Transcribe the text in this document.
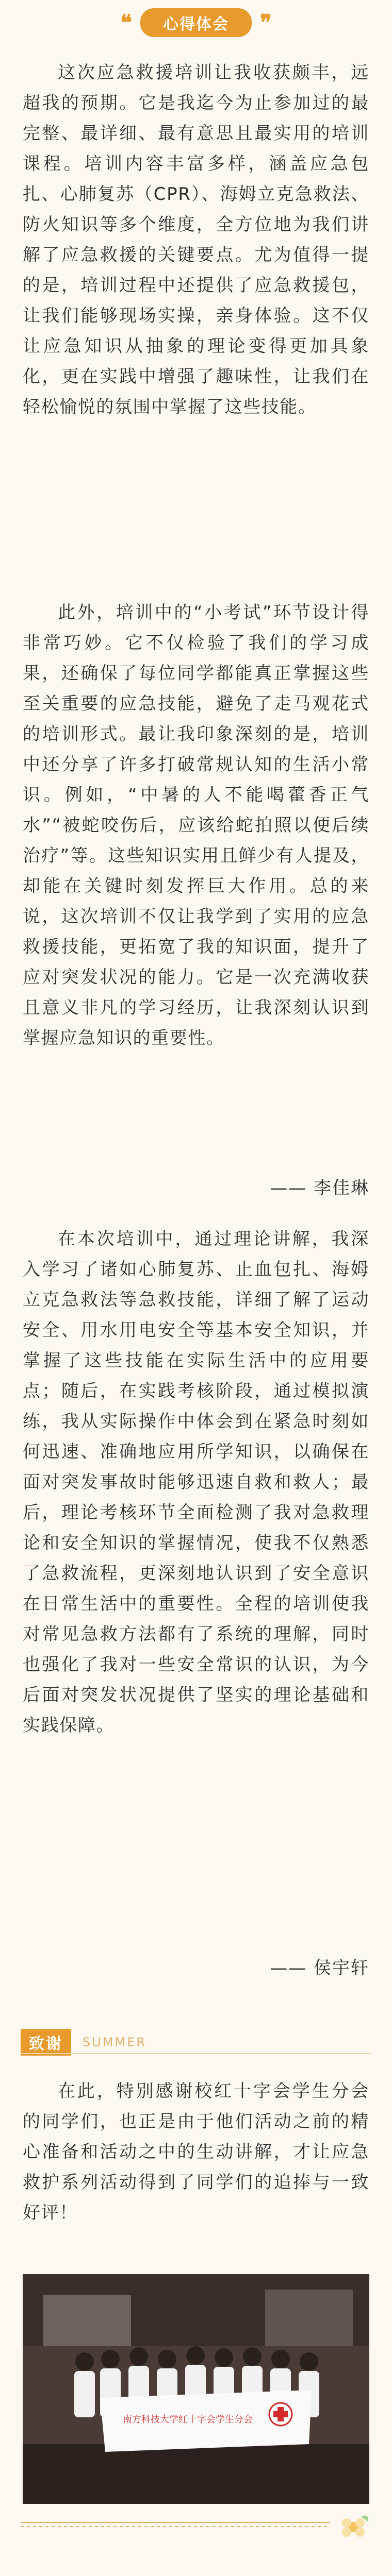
❝	心得体会	❞

这次应急救援培训让我收获颇丰，远超我的预期。它是我迄今为止参加过的最完整、最详细、最有意思且最实用的培训课程。培训内容丰富多样，涵盖应急包扎、心肺复苏（CPR）、海姆立克急救法、防火知识等多个维度，全方位地为我们讲解了应急救援的关键要点。尤为值得一提的是，培训过程中还提供了应急救援包，让我们能够现场实操，亲身体验。这不仅让应急知识从抽象的理论变得更加具象化，更在实践中增强了趣味性，让我们在轻松愉悦的氛围中掌握了这些技能。

此外，培训中的“小考试”环节设计得非常巧妙。它不仅检验了我们的学习成果，还确保了每位同学都能真正掌握这些至关重要的应急技能，避免了走马观花式的培训形式。最让我印象深刻的是，培训中还分享了许多打破常规认知的生活小常识。例如，“中暑的人不能喝藿香正气水”“被蛇咬伤后，应该给蛇拍照以便后续治疗”等。这些知识实用且鲜少有人提及，却能在关键时刻发挥巨大作用。总的来说，这次培训不仅让我学到了实用的应急救援技能，更拓宽了我的知识面，提升了应对突发状况的能力。它是一次充满收获且意义非凡的学习经历，让我深刻认识到掌握应急知识的重要性。

—— 李佳琳

在本次培训中，通过理论讲解，我深入学习了诸如心肺复苏、止血包扎、海姆立克急救法等急救技能，详细了解了运动安全、用水用电安全等基本安全知识，并掌握了这些技能在实际生活中的应用要点；随后，在实践考核阶段，通过模拟演练，我从实际操作中体会到在紧急时刻如何迅速、准确地应用所学知识，以确保在面对突发事故时能够迅速自救和救人；最后，理论考核环节全面检测了我对急救理论和安全知识的掌握情况，使我不仅熟悉了急救流程，更深刻地认识到了安全意识在日常生活中的重要性。全程的培训使我对常见急救方法都有了系统的理解，同时也强化了我对一些安全常识的认识，为今后面对突发状况提供了坚实的理论基础和实践保障。

—— 侯宇轩
致谢	SUMMER

在此，特别感谢校红十字会学生分会的同学们，也正是由于他们活动之前的精心准备和活动之中的生动讲解，才让应急救护系列活动得到了同学们的追捧与一致好评！

南方科技大学红十字会学生分会
